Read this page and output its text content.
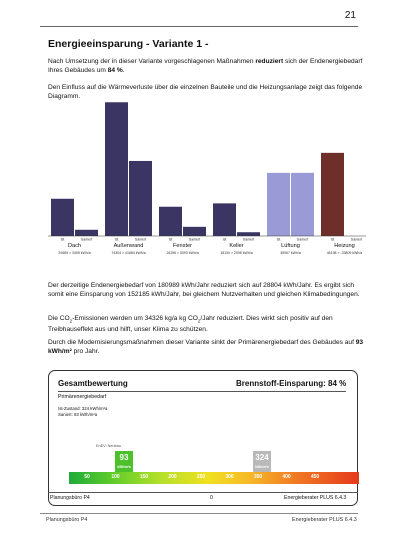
21
Energieeinsparung - Variante 1 -
Nach Umsetzung der in dieser Variante vorgeschlagenen Maßnahmen reduziert sich der Endenergiebedarf Ihres Gebäudes um 84 %.
Den Einfluss auf die Wärmeverluste über die einzelnen Bauteile und die Heizungsanlage zeigt das folgende Diagramm.
Ist	Saniert
Dach
20689 > 3455 kWh/a
Ist	Saniert
Außenwand
74304 > 41684 kWh/a
Ist	Saniert
Fenster
16256 > 5093 kWh/a
Ist	Saniert
Keller
18130 > 2098 kWh/a
Ist	Saniert
Lüftung
35067 kWh/a
Ist	Saniert
Heizung
46198 > -33809 kWh/a
Der derzeitige Endenergiebedarf von 180989 kWh/Jahr reduziert sich auf 28804 kWh/Jahr. Es ergibt sich somit eine Einsparung von 152185 kWh/Jahr, bei gleichem Nutzverhalten und gleichen Klimabedingungen.
Die $CO_2$-Emissionen werden um 34326 kg/a kg $CO_2$/Jahr reduziert. Dies wirkt sich positiv auf den Treibhauseffekt aus und hilft, unser Klima zu schützen.
Durch die Modernisierungsmaßnahmen dieser Variante sinkt der Primärenergiebedarf des Gebäudes auf 93 kWh/m² pro Jahr.
Gesamtbewertung	Brennstoff-Einsparung: 84 %
Primärenergiebedarf
Ist-Zustand: 324 kWh/m²a
Saniert: 93 kWh/m²a
EnEV: Neubau
93
kWh/m²a
324
kWh/m²a
50	100	150	200	250	300	350	400	450
Planungsbüro P4	0	Energieberater PLUS 6.4.3
Planungsbüro P4	Energieberater PLUS 6.4.3
